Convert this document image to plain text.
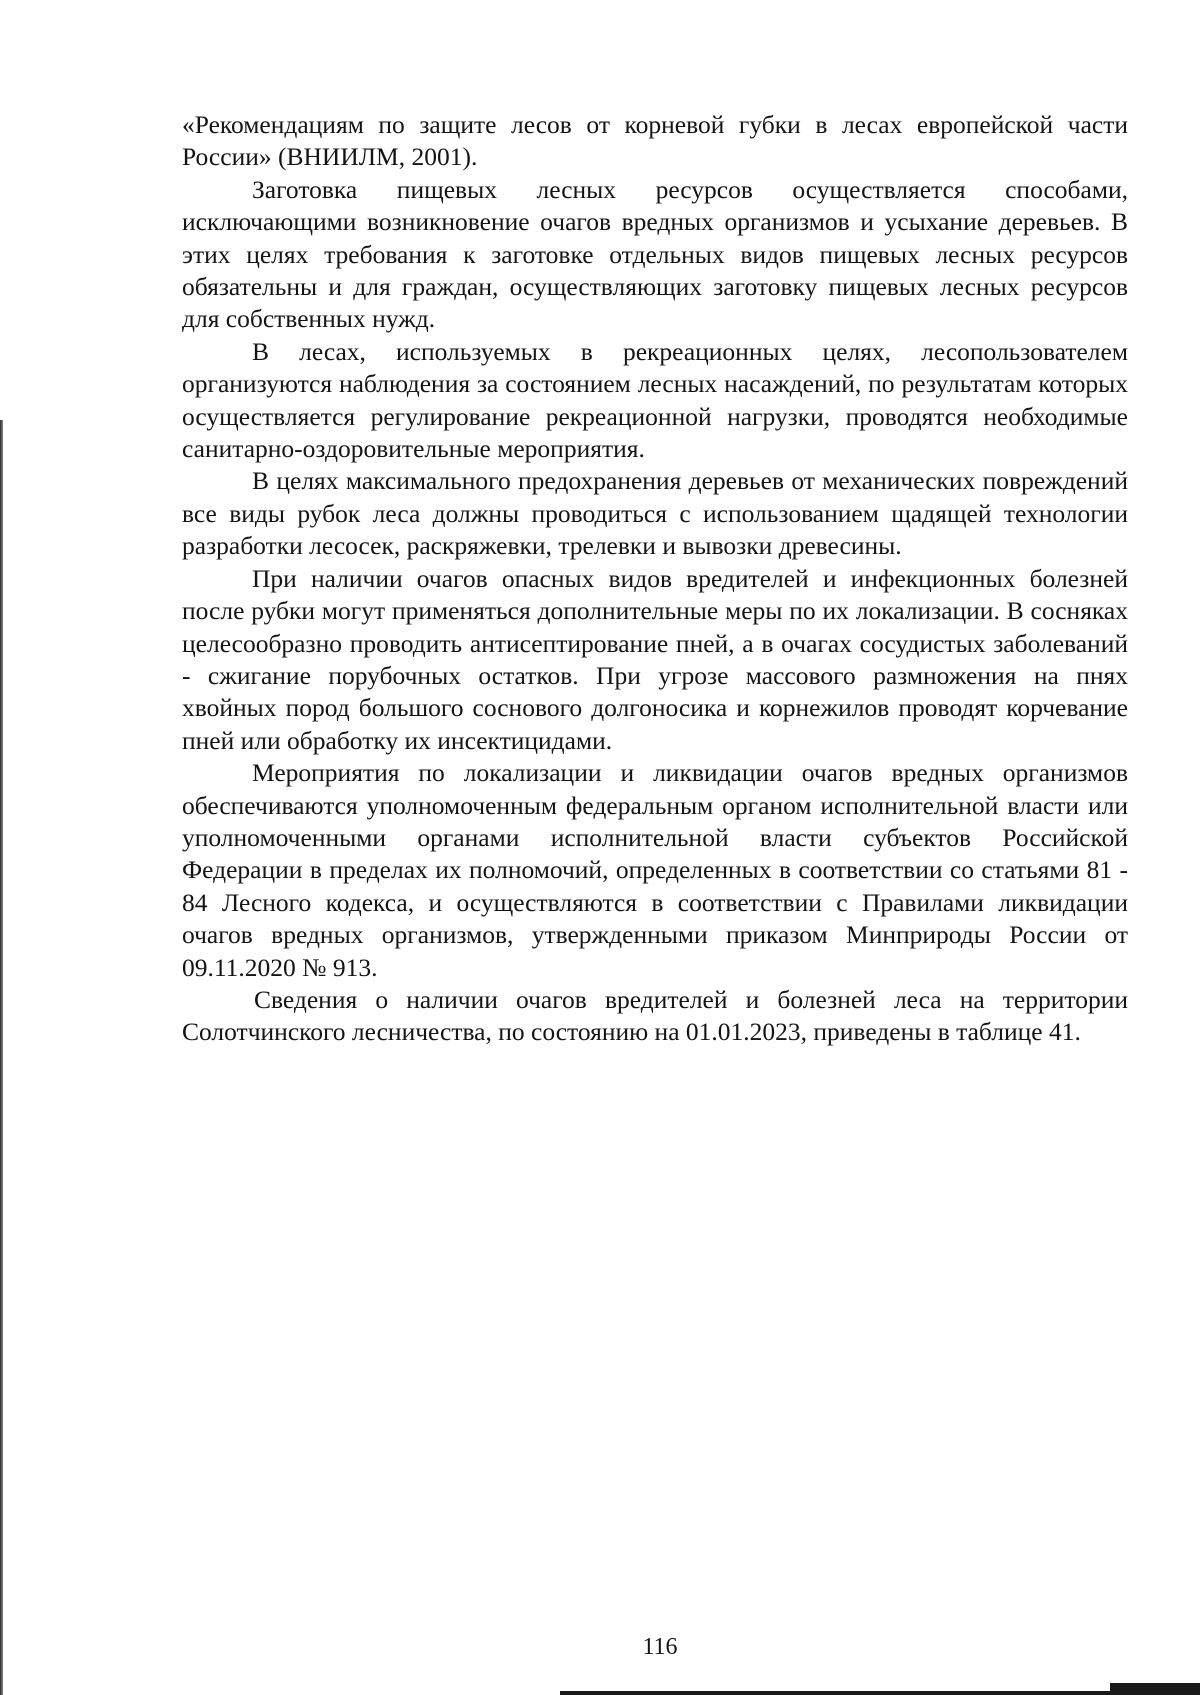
«Рекомендациям по защите лесов от корневой губки в лесах европейской части России» (ВНИИЛМ, 2001).

Заготовка пищевых лесных ресурсов осуществляется способами, исключающими возникновение очагов вредных организмов и усыхание деревьев. В этих целях требования к заготовке отдельных видов пищевых лесных ресурсов обязательны и для граждан, осуществляющих заготовку пищевых лесных ресурсов для собственных нужд.

В лесах, используемых в рекреационных целях, лесопользователем организуются наблюдения за состоянием лесных насаждений, по результатам которых осуществляется регулирование рекреационной нагрузки, проводятся необходимые санитарно-оздоровительные мероприятия.

В целях максимального предохранения деревьев от механических повреждений все виды рубок леса должны проводиться с использованием щадящей технологии разработки лесосек, раскряжевки, трелевки и вывозки древесины.

При наличии очагов опасных видов вредителей и инфекционных болезней после рубки могут применяться дополнительные меры по их локализации. В сосняках целесообразно проводить антисептирование пней, а в очагах сосудистых заболеваний - сжигание порубочных остатков. При угрозе массового размножения на пнях хвойных пород большого соснового долгоносика и корнежилов проводят корчевание пней или обработку их инсектицидами.

Мероприятия по локализации и ликвидации очагов вредных организмов обеспечиваются уполномоченным федеральным органом исполнительной власти или уполномоченными органами исполнительной власти субъектов Российской Федерации в пределах их полномочий, определенных в соответствии со статьями 81 - 84 Лесного кодекса, и осуществляются в соответствии с Правилами ликвидации очагов вредных организмов, утвержденными приказом Минприроды России от 09.11.2020 № 913.

Сведения о наличии очагов вредителей и болезней леса на территории Солотчинского лесничества, по состоянию на 01.01.2023, приведены в таблице 41.

116
